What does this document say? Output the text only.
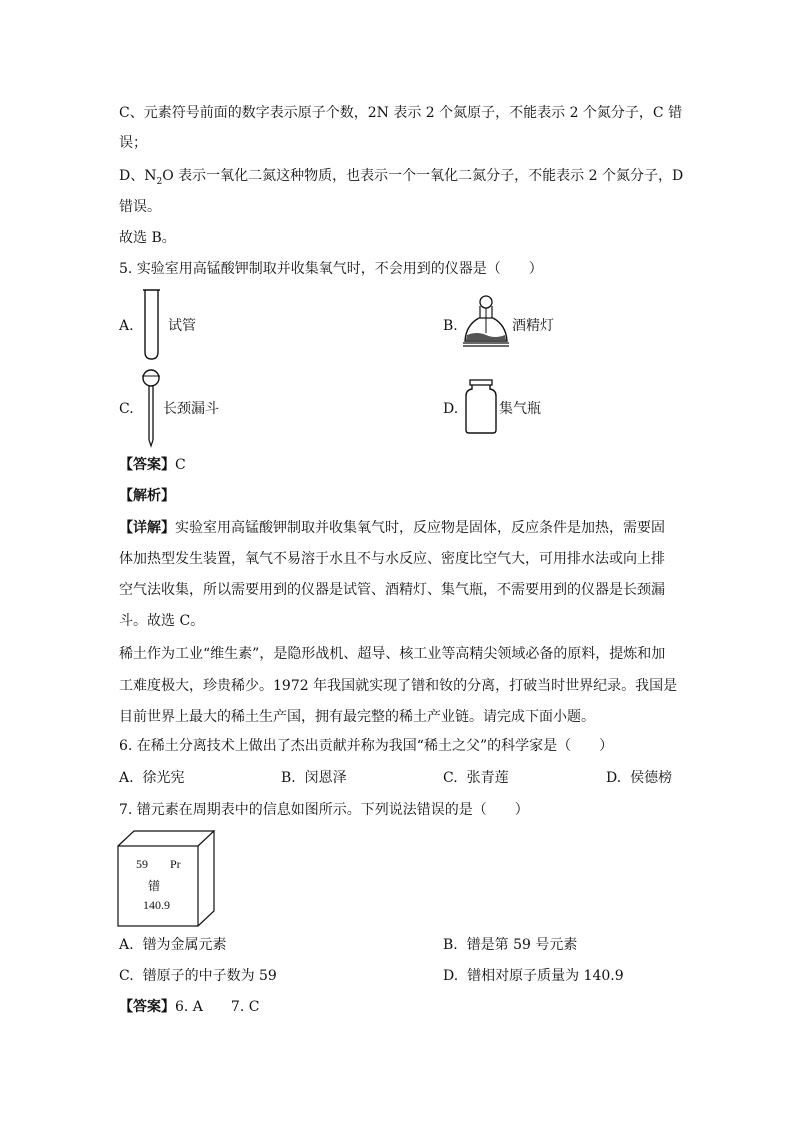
C、元素符号前面的数字表示原子个数，2N 表示 2 个氮原子，不能表示 2 个氮分子，C 错
误；
D、$N_2O$ 表示一氧化二氮这种物质，也表示一个一氧化二氮分子，不能表示 2 个氮分子，D
错误。
故选 B。
5. 实验室用高锰酸钾制取并收集氧气时，不会用到的仪器是（　　）
A. 试管	B.	酒精灯
C. 长颈漏斗	D.	集气瓶
【答案】C
【解析】
【详解】实验室用高锰酸钾制取并收集氧气时，反应物是固体，反应条件是加热，需要固
体加热型发生装置，氧气不易溶于水且不与水反应、密度比空气大，可用排水法或向上排
空气法收集，所以需要用到的仪器是试管、酒精灯、集气瓶，不需要用到的仪器是长颈漏
斗。故选 C。
稀土作为工业“维生素”，是隐形战机、超导、核工业等高精尖领域必备的原料，提炼和加
工难度极大，珍贵稀少。1972 年我国就实现了镨和钕的分离，打破当时世界纪录。我国是
目前世界上最大的稀土生产国，拥有最完整的稀土产业链。请完成下面小题。
6. 在稀土分离技术上做出了杰出贡献并称为我国“稀土之父”的科学家是（　　）
A. 徐光宪	B. 闵恩泽	C. 张青莲	D. 侯德榜
7. 镨元素在周期表中的信息如图所示。下列说法错误的是（　　）
59 Pr
镨
140.9
A. 镨为金属元素	B. 镨是第 59 号元素
C. 镨原子的中子数为 59	D. 镨相对原子质量为 140.9
【答案】6. A　　7. C
